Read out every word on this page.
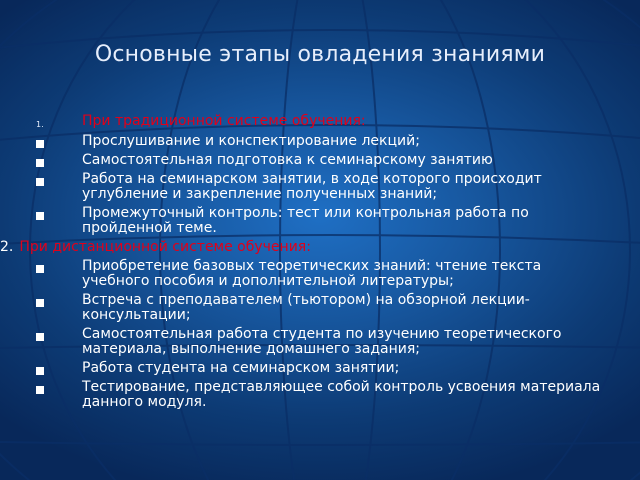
Основные этапы овладения знаниями
1.	При традиционной системе обучения:
Прослушивание и конспектирование лекций;
Самостоятельная подготовка к семинарскому занятию
Работа на семинарском занятии, в ходе которого происходит углубление и закрепление полученных знаний;
Промежуточный контроль: тест или контрольная работа по пройденной теме.
2. При дистанционной системе обучения:
Приобретение базовых теоретических знаний: чтение текста учебного пособия и дополнительной литературы;
Встреча с преподавателем (тьютором) на обзорной лекции-консультации;
Самостоятельная работа студента по изучению теоретического материала, выполнение домашнего задания;
Работа студента на семинарском занятии;
Тестирование, представляющее собой контроль усвоения материала данного модуля.
